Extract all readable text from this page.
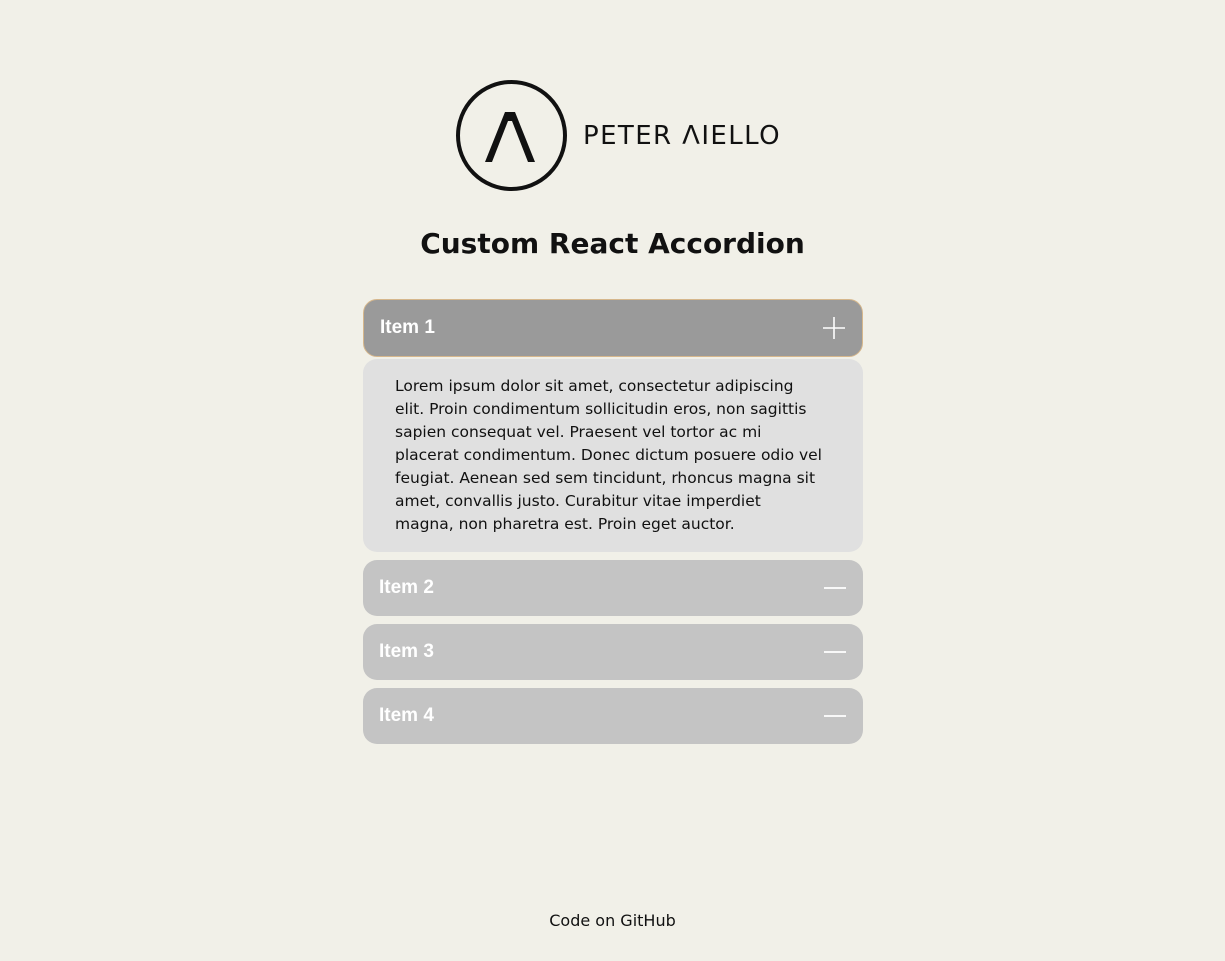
PETER ΛIELLO
Custom React Accordion
Item 1

Lorem ipsum dolor sit amet, consectetur adipiscing elit. Proin condimentum sollicitudin eros, non sagittis sapien consequat vel. Praesent vel tortor ac mi placerat condimentum. Donec dictum posuere odio vel feugiat. Aenean sed sem tincidunt, rhoncus magna sit amet, convallis justo. Curabitur vitae imperdiet magna, non pharetra est. Proin eget auctor.

Item 2
Item 3
Item 4
Code on GitHub
